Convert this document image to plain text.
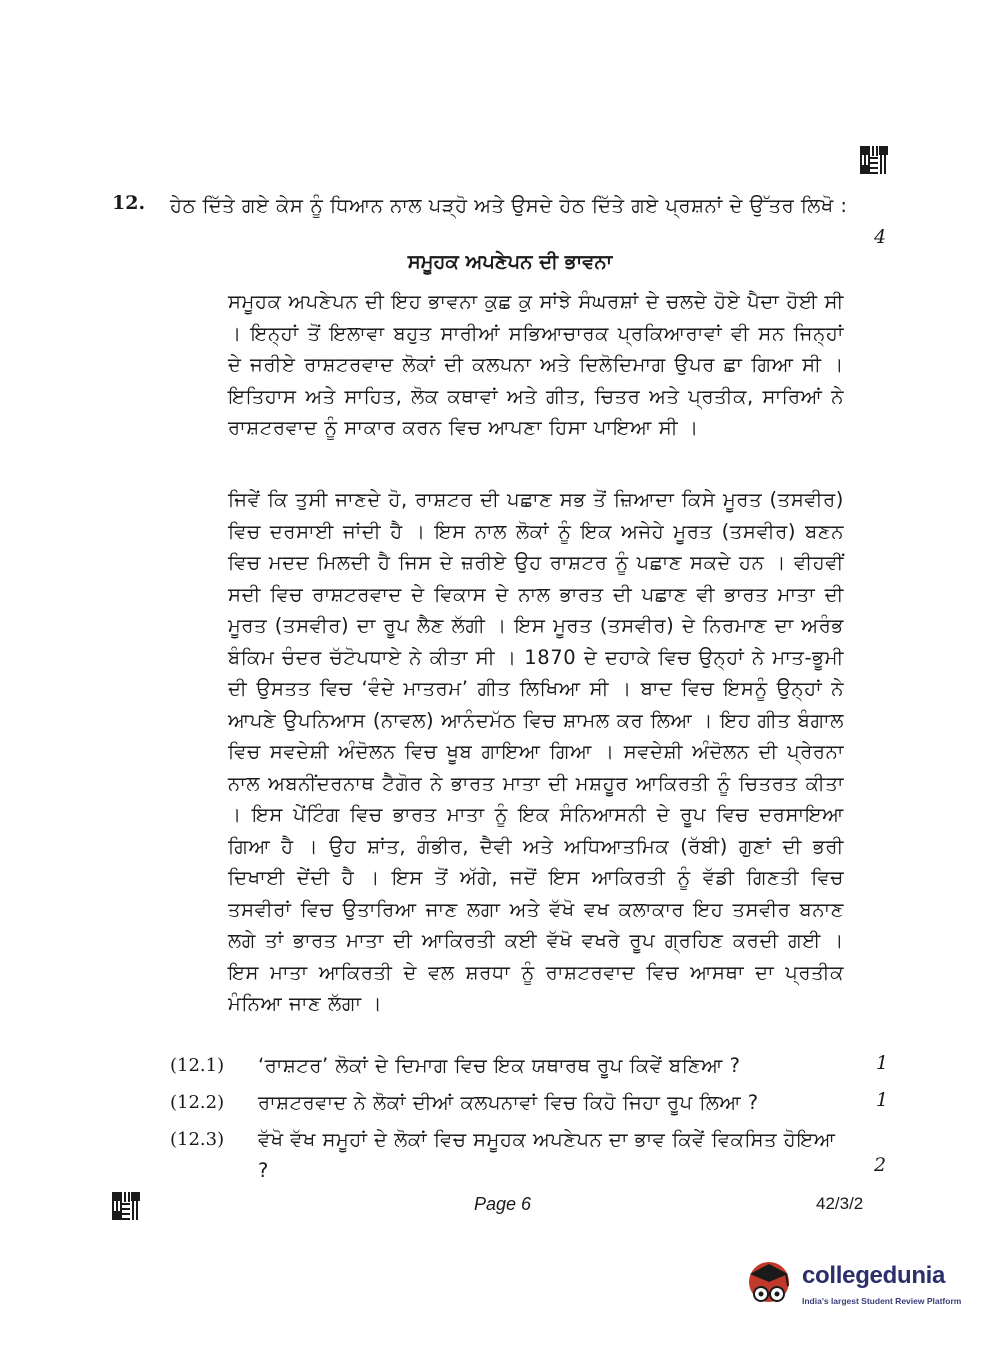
12. ਹੇਠ ਦਿੱਤੇ ਗਏ ਕੇਸ ਨੂੰ ਧਿਆਨ ਨਾਲ ਪੜ੍ਹੋ ਅਤੇ ਉਸਦੇ ਹੇਠ ਦਿੱਤੇ ਗਏ ਪ੍ਰਸ਼ਨਾਂ ਦੇ ਉੱਤਰ ਲਿਖੋ :
4
ਸਮੂਹਕ ਅਪਣੇਪਨ ਦੀ ਭਾਵਨਾ
ਸਮੂਹਕ ਅਪਣੇਪਨ ਦੀ ਇਹ ਭਾਵਨਾ ਕੁਛ ਕੁ ਸਾਂਝੇ ਸੰਘਰਸ਼ਾਂ ਦੇ ਚਲਦੇ ਹੋਏ ਪੈਦਾ ਹੋਈ ਸੀ । ਇਨ੍ਹਾਂ ਤੋਂ ਇਲਾਵਾ ਬਹੁਤ ਸਾਰੀਆਂ ਸਭਿਆਚਾਰਕ ਪ੍ਰਕਿਆਰਾਵਾਂ ਵੀ ਸਨ ਜਿਨ੍ਹਾਂ ਦੇ ਜਰੀਏ ਰਾਸ਼ਟਰਵਾਦ ਲੋਕਾਂ ਦੀ ਕਲਪਨਾ ਅਤੇ ਦਿਲੋਦਿਮਾਗ ਉਪਰ ਛਾ ਗਿਆ ਸੀ । ਇਤਿਹਾਸ ਅਤੇ ਸਾਹਿਤ, ਲੋਕ ਕਥਾਵਾਂ ਅਤੇ ਗੀਤ, ਚਿਤਰ ਅਤੇ ਪ੍ਰਤੀਕ, ਸਾਰਿਆਂ ਨੇ ਰਾਸ਼ਟਰਵਾਦ ਨੂੰ ਸਾਕਾਰ ਕਰਨ ਵਿਚ ਆਪਣਾ ਹਿਸਾ ਪਾਇਆ ਸੀ ।
ਜਿਵੇਂ ਕਿ ਤੁਸੀ ਜਾਣਦੇ ਹੋ, ਰਾਸ਼ਟਰ ਦੀ ਪਛਾਣ ਸਭ ਤੋਂ ਜ਼ਿਆਦਾ ਕਿਸੇ ਮੂਰਤ (ਤਸਵੀਰ) ਵਿਚ ਦਰਸਾਈ ਜਾਂਦੀ ਹੈ । ਇਸ ਨਾਲ ਲੋਕਾਂ ਨੂੰ ਇਕ ਅਜੇਹੇ ਮੂਰਤ (ਤਸਵੀਰ) ਬਣਨ ਵਿਚ ਮਦਦ ਮਿਲਦੀ ਹੈ ਜਿਸ ਦੇ ਜ਼ਰੀਏ ਉਹ ਰਾਸ਼ਟਰ ਨੂੰ ਪਛਾਣ ਸਕਦੇ ਹਨ । ਵੀਹਵੀਂ ਸਦੀ ਵਿਚ ਰਾਸ਼ਟਰਵਾਦ ਦੇ ਵਿਕਾਸ ਦੇ ਨਾਲ ਭਾਰਤ ਦੀ ਪਛਾਣ ਵੀ ਭਾਰਤ ਮਾਤਾ ਦੀ ਮੂਰਤ (ਤਸਵੀਰ) ਦਾ ਰੂਪ ਲੈਣ ਲੱਗੀ । ਇਸ ਮੂਰਤ (ਤਸਵੀਰ) ਦੇ ਨਿਰਮਾਣ ਦਾ ਅਰੰਭ ਬੰਕਿਮ ਚੰਦਰ ਚੱਟੋਪਧਾਏ ਨੇ ਕੀਤਾ ਸੀ । 1870 ਦੇ ਦਹਾਕੇ ਵਿਚ ਉਨ੍ਹਾਂ ਨੇ ਮਾਤ-ਭੂਮੀ ਦੀ ਉਸਤਤ ਵਿਚ ‘ਵੰਦੇ ਮਾਤਰਮ’ ਗੀਤ ਲਿਖਿਆ ਸੀ । ਬਾਦ ਵਿਚ ਇਸਨੂੰ ਉਨ੍ਹਾਂ ਨੇ ਆਪਣੇ ਉਪਨਿਆਸ (ਨਾਵਲ) ਆਨੰਦਮੱਠ ਵਿਚ ਸ਼ਾਮਲ ਕਰ ਲਿਆ । ਇਹ ਗੀਤ ਬੰਗਾਲ ਵਿਚ ਸਵਦੇਸ਼ੀ ਅੰਦੋਲਨ ਵਿਚ ਖੂਬ ਗਾਇਆ ਗਿਆ । ਸਵਦੇਸ਼ੀ ਅੰਦੋਲਨ ਦੀ ਪ੍ਰੇਰਨਾ ਨਾਲ ਅਬਨੀਂਦਰਨਾਥ ਟੈਗੋਰ ਨੇ ਭਾਰਤ ਮਾਤਾ ਦੀ ਮਸ਼ਹੂਰ ਆਕਿਰਤੀ ਨੂੰ ਚਿਤਰਤ ਕੀਤਾ । ਇਸ ਪੇਂਟਿੰਗ ਵਿਚ ਭਾਰਤ ਮਾਤਾ ਨੂੰ ਇਕ ਸੰਨਿਆਸਨੀ ਦੇ ਰੂਪ ਵਿਚ ਦਰਸਾਇਆ ਗਿਆ ਹੈ । ਉਹ ਸ਼ਾਂਤ, ਗੰਭੀਰ, ਦੈਵੀ ਅਤੇ ਅਧਿਆਤਮਿਕ (ਰੱਬੀ) ਗੁਣਾਂ ਦੀ ਭਰੀ ਦਿਖਾਈ ਦੇਂਦੀ ਹੈ । ਇਸ ਤੋਂ ਅੱਗੇ, ਜਦੋਂ ਇਸ ਆਕਿਰਤੀ ਨੂੰ ਵੱਡੀ ਗਿਣਤੀ ਵਿਚ ਤਸਵੀਰਾਂ ਵਿਚ ਉਤਾਰਿਆ ਜਾਣ ਲਗਾ ਅਤੇ ਵੱਖੋ ਵਖ ਕਲਾਕਾਰ ਇਹ ਤਸਵੀਰ ਬਨਾਣ ਲਗੇ ਤਾਂ ਭਾਰਤ ਮਾਤਾ ਦੀ ਆਕਿਰਤੀ ਕਈ ਵੱਖੋ ਵਖਰੇ ਰੂਪ ਗ੍ਰਹਿਣ ਕਰਦੀ ਗਈ । ਇਸ ਮਾਤਾ ਆਕਿਰਤੀ ਦੇ ਵਲ ਸ਼ਰਧਾ ਨੂੰ ਰਾਸ਼ਟਰਵਾਦ ਵਿਚ ਆਸਥਾ ਦਾ ਪ੍ਰਤੀਕ ਮੰਨਿਆ ਜਾਣ ਲੱਗਾ ।
(12.1) ‘ਰਾਸ਼ਟਰ’ ਲੋਕਾਂ ਦੇ ਦਿਮਾਗ ਵਿਚ ਇਕ ਯਥਾਰਥ ਰੂਪ ਕਿਵੇਂ ਬਣਿਆ ?	1
(12.2) ਰਾਸ਼ਟਰਵਾਦ ਨੇ ਲੋਕਾਂ ਦੀਆਂ ਕਲਪਨਾਵਾਂ ਵਿਚ ਕਿਹੋ ਜਿਹਾ ਰੂਪ ਲਿਆ ?	1
(12.3) ਵੱਖੋ ਵੱਖ ਸਮੂਹਾਂ ਦੇ ਲੋਕਾਂ ਵਿਚ ਸਮੂਹਕ ਅਪਣੇਪਨ ਦਾ ਭਾਵ ਕਿਵੇਂ ਵਿਕਸਿਤ ਹੋਇਆ ?	2
Page 6	42/3/2
collegedunia
India's largest Student Review Platform
